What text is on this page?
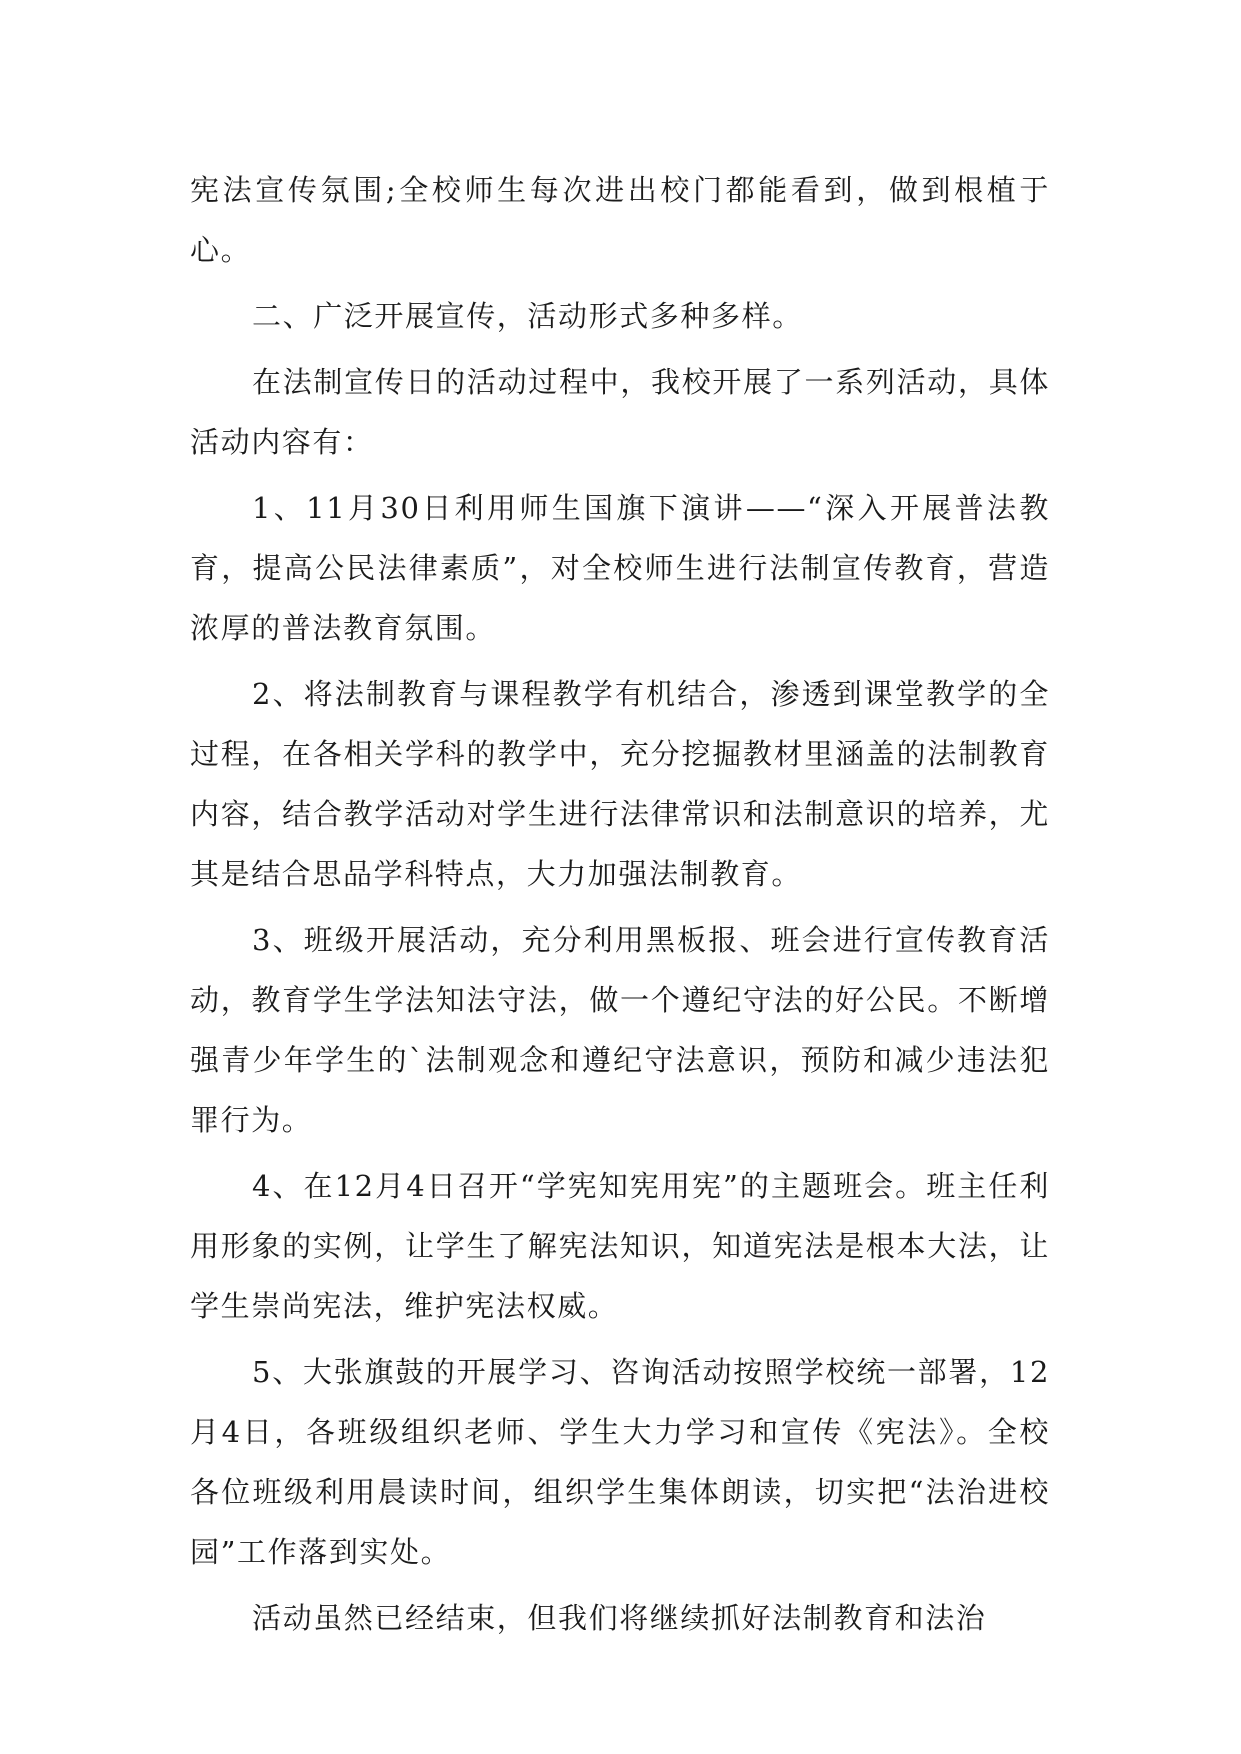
宪法宣传氛围;全校师生每次进出校门都能看到，做到根植于心。

二、广泛开展宣传，活动形式多种多样。

在法制宣传日的活动过程中，我校开展了一系列活动，具体活动内容有：

1、11月30日利用师生国旗下演讲——“深入开展普法教育，提高公民法律素质”，对全校师生进行法制宣传教育，营造浓厚的普法教育氛围。

2、将法制教育与课程教学有机结合，渗透到课堂教学的全过程，在各相关学科的教学中，充分挖掘教材里涵盖的法制教育内容，结合教学活动对学生进行法律常识和法制意识的培养，尤其是结合思品学科特点，大力加强法制教育。

3、班级开展活动，充分利用黑板报、班会进行宣传教育活动，教育学生学法知法守法，做一个遵纪守法的好公民。不断增强青少年学生的`法制观念和遵纪守法意识，预防和减少违法犯罪行为。

4、在12月4日召开“学宪知宪用宪”的主题班会。班主任利用形象的实例，让学生了解宪法知识，知道宪法是根本大法，让学生崇尚宪法，维护宪法权威。

5、大张旗鼓的开展学习、咨询活动按照学校统一部署，12月4日，各班级组织老师、学生大力学习和宣传《宪法》。全校各位班级利用晨读时间，组织学生集体朗读，切实把“法治进校园”工作落到实处。

活动虽然已经结束，但我们将继续抓好法制教育和法治
